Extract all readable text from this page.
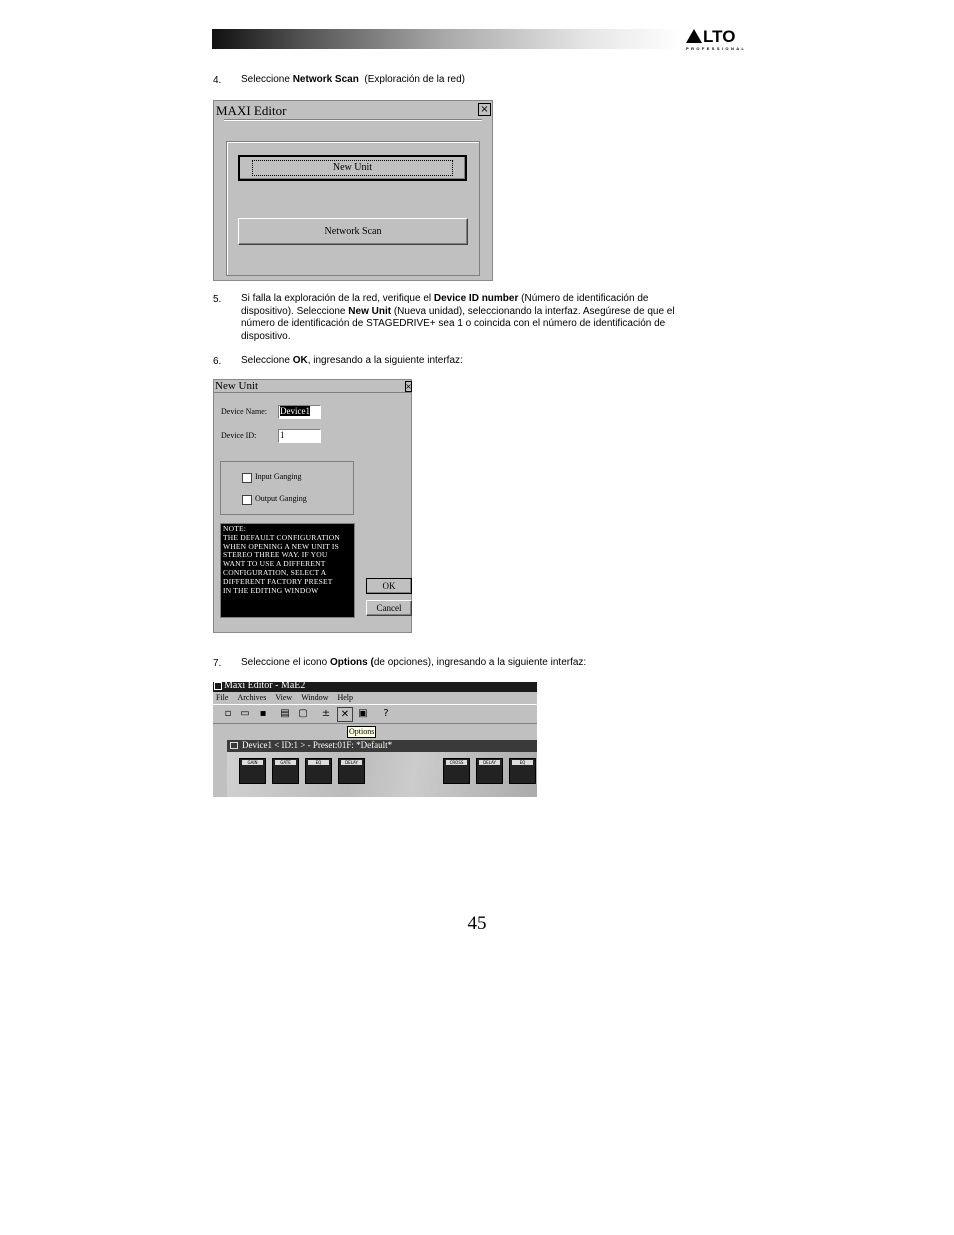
LTO
PROFESSIONAL
4. Seleccione Network Scan  (Exploración de la red)
MAXI Editor	×
New Unit
Network Scan
5. Si falla la exploración de la red, verifique el Device ID number (Número de identificación de
dispositivo). Seleccione New Unit (Nueva unidad), seleccionando la interfaz. Asegúrese de que el
número de identificación de STAGEDRIVE+ sea 1 o coincida con el número de identificación de
dispositivo.
6. Seleccione OK, ingresando a la siguiente interfaz:
New Unit	×
Device Name: Device1
Device ID:	1
Input Ganging
Output Ganging
NOTE:
THE DEFAULT CONFIGURATION
WHEN OPENING A NEW UNIT IS
STEREO THREE WAY. IF YOU
WANT TO USE A DIFFERENT
CONFIGURATION, SELECT A
DIFFERENT FACTORY PRESET
IN THE EDITING WINDOW	OK
Cancel
7. Seleccione el icono Options (de opciones), ingresando a la siguiente interfaz:
Maxi Editor - MaE2
File Archives View Window Help
▫ ▭ ▪	▤ ▢ ±	✕ ▣	?
Options
Device1 < ID:1 > - Preset:01F: *Default*
GAIN	GATE	EQ	DELAY	CROSS	DELAY	EQ
45
